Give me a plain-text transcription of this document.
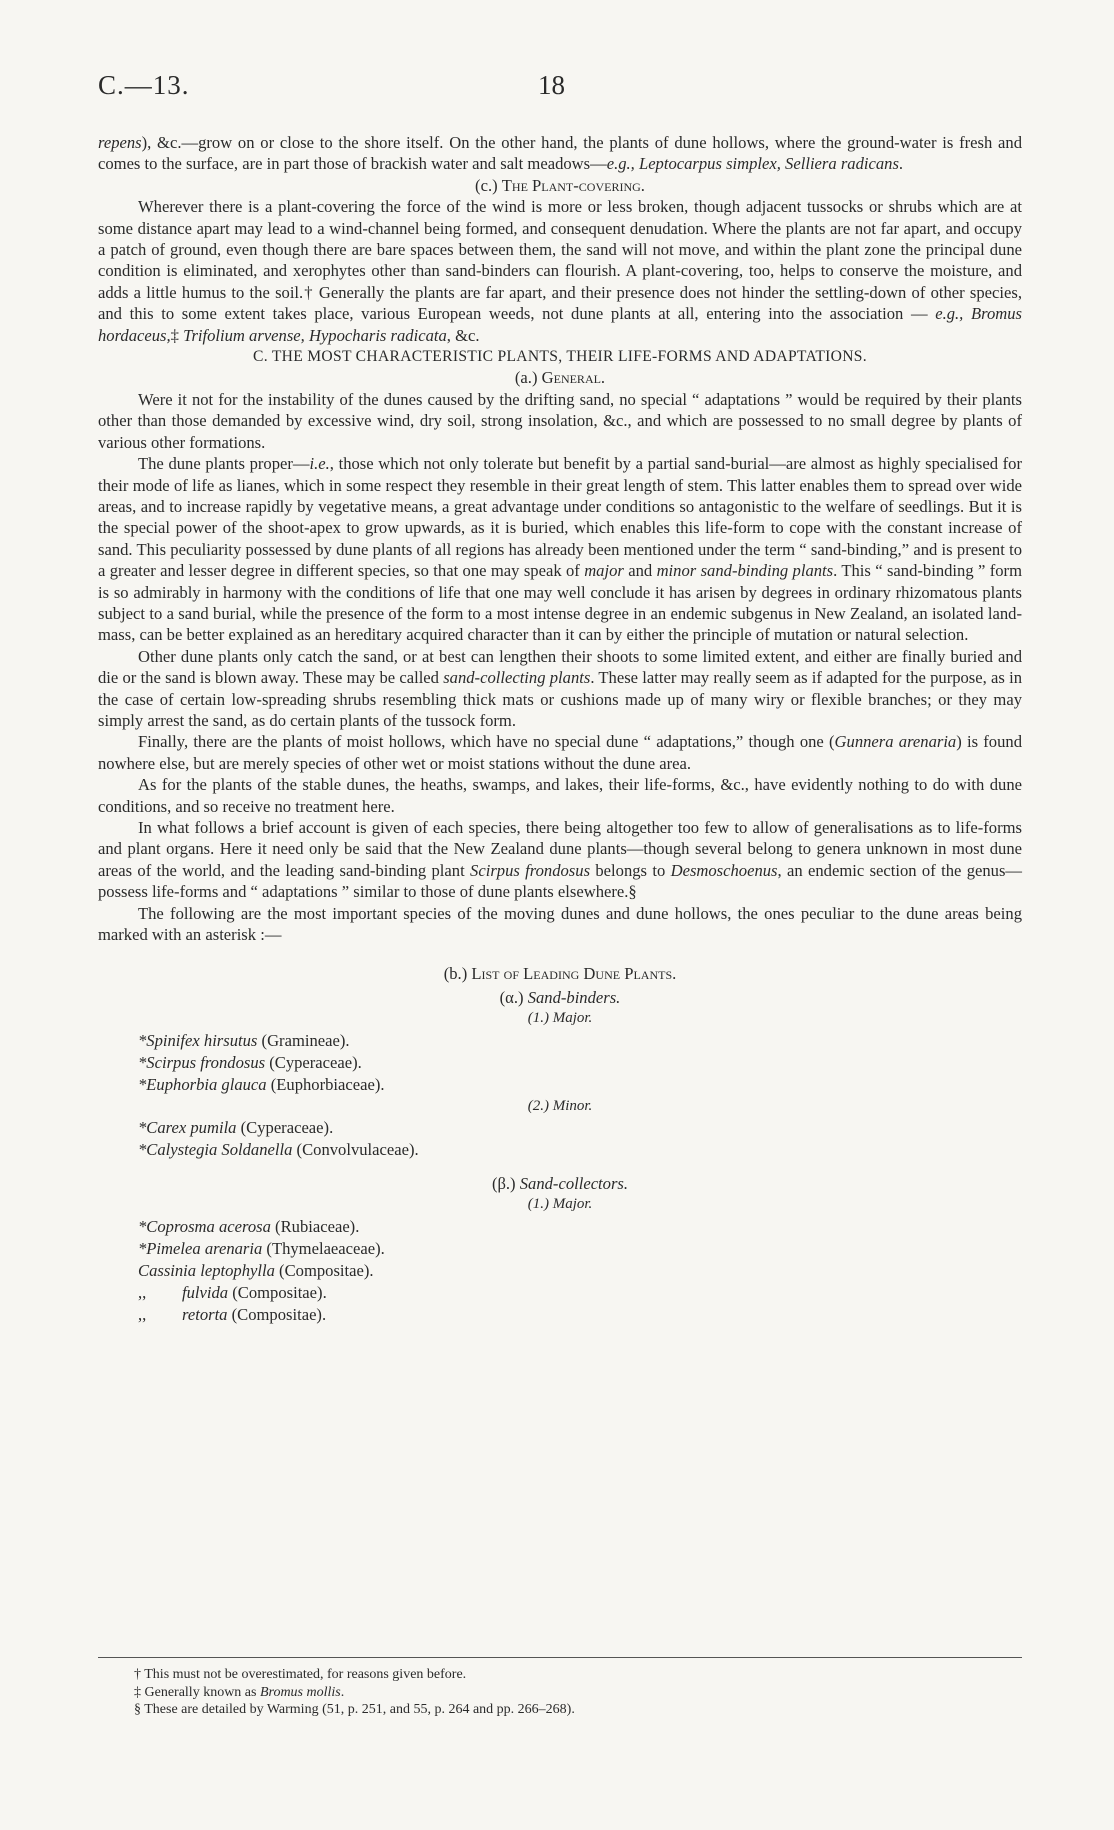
C.—13.	18

repens), &c.—grow on or close to the shore itself. On the other hand, the plants of dune hollows, where the ground-water is fresh and comes to the surface, are in part those of brackish water and salt meadows—e.g., Leptocarpus simplex, Selliera radicans.

(c.) The Plant-covering.

Wherever there is a plant-covering the force of the wind is more or less broken, though adjacent tussocks or shrubs which are at some distance apart may lead to a wind-channel being formed, and consequent denudation. Where the plants are not far apart, and occupy a patch of ground, even though there are bare spaces between them, the sand will not move, and within the plant zone the principal dune condition is eliminated, and xerophytes other than sand-binders can flourish. A plant-covering, too, helps to conserve the moisture, and adds a little humus to the soil.† Generally the plants are far apart, and their presence does not hinder the settling-down of other species, and this to some extent takes place, various European weeds, not dune plants at all, entering into the association — e.g., Bromus hordaceus,‡ Trifolium arvense, Hypocharis radicata, &c.

C. THE MOST CHARACTERISTIC PLANTS, THEIR LIFE-FORMS AND ADAPTATIONS.

(a.) General.

Were it not for the instability of the dunes caused by the drifting sand, no special “ adaptations ” would be required by their plants other than those demanded by excessive wind, dry soil, strong insolation, &c., and which are possessed to no small degree by plants of various other formations.

The dune plants proper—i.e., those which not only tolerate but benefit by a partial sand-burial—are almost as highly specialised for their mode of life as lianes, which in some respect they resemble in their great length of stem. This latter enables them to spread over wide areas, and to increase rapidly by vegetative means, a great advantage under conditions so antagonistic to the welfare of seedlings. But it is the special power of the shoot-apex to grow upwards, as it is buried, which enables this life-form to cope with the constant increase of sand. This peculiarity possessed by dune plants of all regions has already been mentioned under the term “ sand-binding,” and is present to a greater and lesser degree in different species, so that one may speak of major and minor sand-binding plants. This “ sand-binding ” form is so admirably in harmony with the conditions of life that one may well conclude it has arisen by degrees in ordinary rhizomatous plants subject to a sand burial, while the presence of the form to a most intense degree in an endemic subgenus in New Zealand, an isolated land-mass, can be better explained as an hereditary acquired character than it can by either the principle of mutation or natural selection.

Other dune plants only catch the sand, or at best can lengthen their shoots to some limited extent, and either are finally buried and die or the sand is blown away. These may be called sand-collecting plants. These latter may really seem as if adapted for the purpose, as in the case of certain low-spreading shrubs resembling thick mats or cushions made up of many wiry or flexible branches; or they may simply arrest the sand, as do certain plants of the tussock form.

Finally, there are the plants of moist hollows, which have no special dune “ adaptations,” though one (Gunnera arenaria) is found nowhere else, but are merely species of other wet or moist stations without the dune area.

As for the plants of the stable dunes, the heaths, swamps, and lakes, their life-forms, &c., have evidently nothing to do with dune conditions, and so receive no treatment here.

In what follows a brief account is given of each species, there being altogether too few to allow of generalisations as to life-forms and plant organs. Here it need only be said that the New Zealand dune plants—though several belong to genera unknown in most dune areas of the world, and the leading sand-binding plant Scirpus frondosus belongs to Desmoschoenus, an endemic section of the genus—possess life-forms and “ adaptations ” similar to those of dune plants elsewhere.§

The following are the most important species of the moving dunes and dune hollows, the ones peculiar to the dune areas being marked with an asterisk :—

(b.) List of Leading Dune Plants.

(α.) Sand-binders.

(1.) Major.

*Spinifex hirsutus (Gramineae).
*Scirpus frondosus (Cyperaceae).
*Euphorbia glauca (Euphorbiaceae).

(2.) Minor.

*Carex pumila (Cyperaceae).
*Calystegia Soldanella (Convolvulaceae).

(β.) Sand-collectors.

(1.) Major.

*Coprosma acerosa (Rubiaceae).
*Pimelea arenaria (Thymelaeaceae).
Cassinia leptophylla (Compositae).
,, fulvida (Compositae).
,, retorta (Compositae).
† This must not be overestimated, for reasons given before.
‡ Generally known as Bromus mollis.
§ These are detailed by Warming (51, p. 251, and 55, p. 264 and pp. 266–268).
